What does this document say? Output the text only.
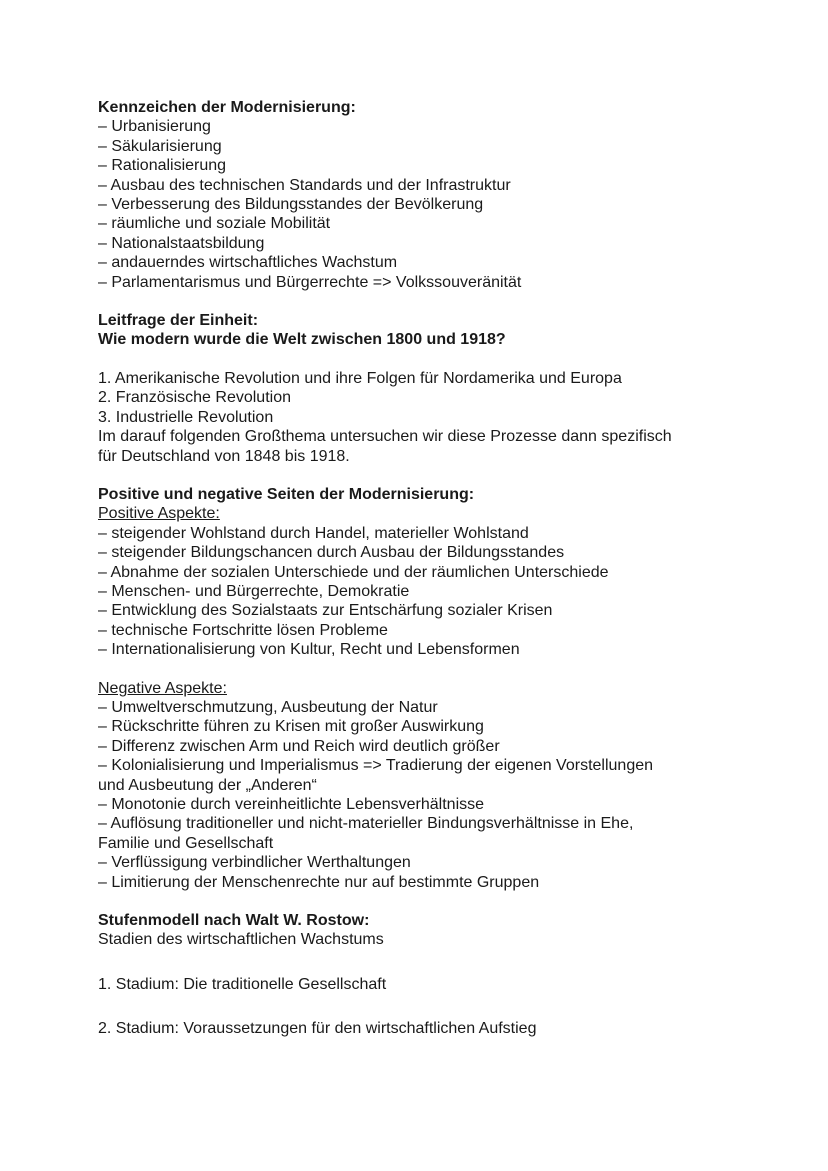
Kennzeichen der Modernisierung:
– Urbanisierung
– Säkularisierung
– Rationalisierung
– Ausbau des technischen Standards und der Infrastruktur
– Verbesserung des Bildungsstandes der Bevölkerung
– räumliche und soziale Mobilität
– Nationalstaatsbildung
– andauerndes wirtschaftliches Wachstum
– Parlamentarismus und Bürgerrechte => Volkssouveränität
Leitfrage der Einheit:
Wie modern wurde die Welt zwischen 1800 und 1918?
1. Amerikanische Revolution und ihre Folgen für Nordamerika und Europa
2. Französische Revolution
3. Industrielle Revolution
Im darauf folgenden Großthema untersuchen wir diese Prozesse dann spezifisch
für Deutschland von 1848 bis 1918.
Positive und negative Seiten der Modernisierung:
Positive Aspekte:
– steigender Wohlstand durch Handel, materieller Wohlstand
– steigender Bildungschancen durch Ausbau der Bildungsstandes
– Abnahme der sozialen Unterschiede und der räumlichen Unterschiede
– Menschen- und Bürgerrechte, Demokratie
– Entwicklung des Sozialstaats zur Entschärfung sozialer Krisen
– technische Fortschritte lösen Probleme
– Internationalisierung von Kultur, Recht und Lebensformen
Negative Aspekte:
– Umweltverschmutzung, Ausbeutung der Natur
– Rückschritte führen zu Krisen mit großer Auswirkung
– Differenz zwischen Arm und Reich wird deutlich größer
– Kolonialisierung und Imperialismus => Tradierung der eigenen Vorstellungen
und Ausbeutung der „Anderen“
– Monotonie durch vereinheitlichte Lebensverhältnisse
– Auflösung traditioneller und nicht-materieller Bindungsverhältnisse in Ehe,
Familie und Gesellschaft
– Verflüssigung verbindlicher Werthaltungen
– Limitierung der Menschenrechte nur auf bestimmte Gruppen
Stufenmodell nach Walt W. Rostow:
Stadien des wirtschaftlichen Wachstums
1. Stadium: Die traditionelle Gesellschaft
2. Stadium: Voraussetzungen für den wirtschaftlichen Aufstieg
